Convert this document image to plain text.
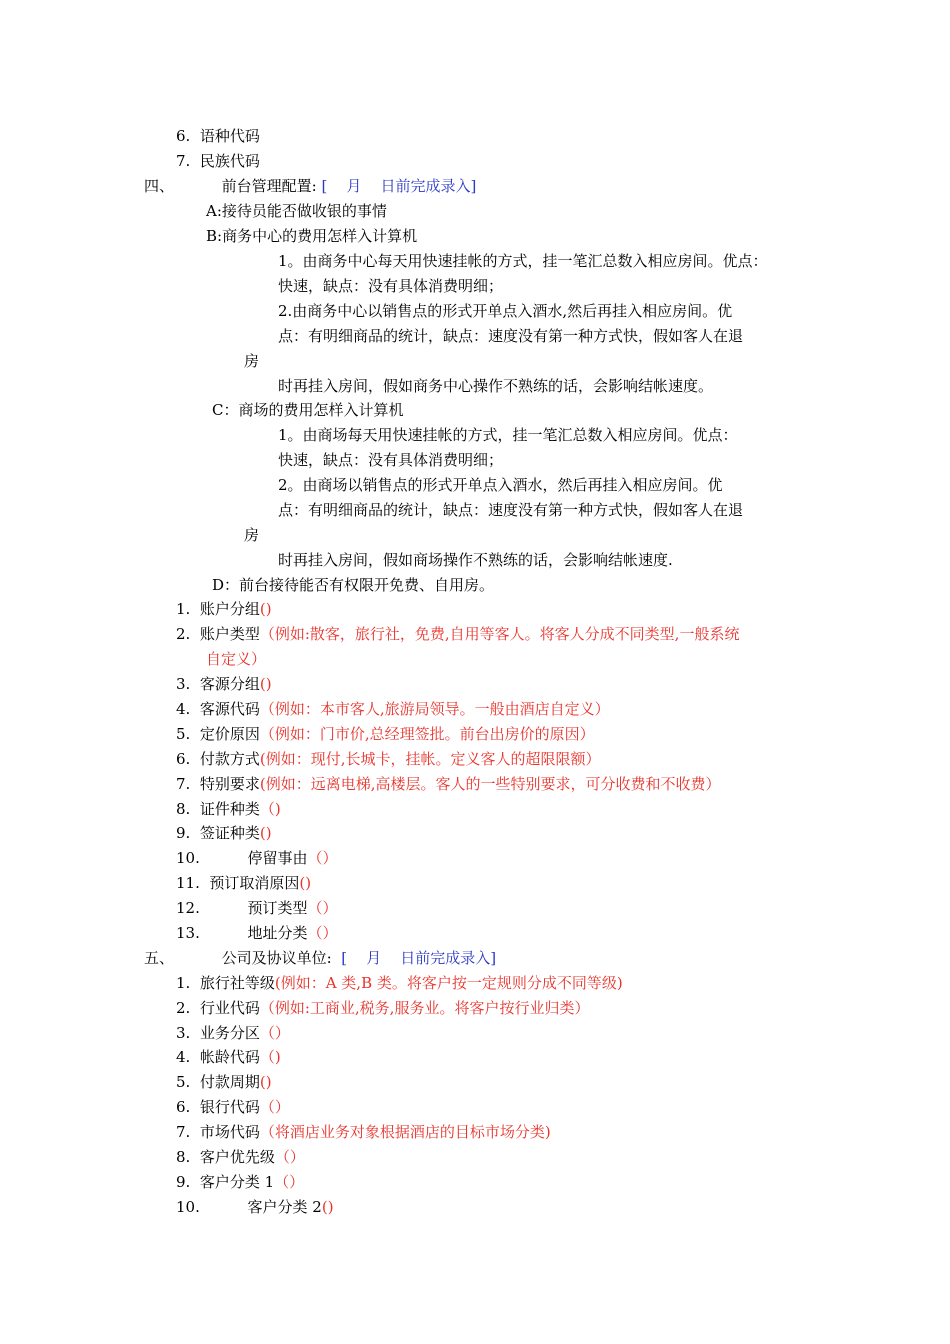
6.  语种代码
7.  民族代码
四、          前台管理配置: [    月    日前完成录入]
A:接待员能否做收银的事情
B:商务中心的费用怎样入计算机
1。由商务中心每天用快速挂帐的方式，挂一笔汇总数入相应房间。优点：
快速，缺点：没有具体消费明细；
2.由商务中心以销售点的形式开单点入酒水,然后再挂入相应房间。优
点：有明细商品的统计，缺点：速度没有第一种方式快，假如客人在退
房
时再挂入房间，假如商务中心操作不熟练的话，会影响结帐速度。
C：商场的费用怎样入计算机
1。由商场每天用快速挂帐的方式，挂一笔汇总数入相应房间。优点：
快速，缺点：没有具体消费明细；
2。由商场以销售点的形式开单点入酒水，然后再挂入相应房间。优
点：有明细商品的统计，缺点：速度没有第一种方式快，假如客人在退
房
时再挂入房间，假如商场操作不熟练的话，会影响结帐速度.
D：前台接待能否有权限开免费、自用房。
1.  账户分组()
2.  账户类型（例如:散客，旅行社，免费,自用等客人。将客人分成不同类型,一般系统
自定义）
3.  客源分组()
4.  客源代码（例如：本市客人,旅游局领导。一般由酒店自定义）
5.  定价原因（例如：门市价,总经理签批。前台出房价的原因）
6.  付款方式(例如：现付,长城卡，挂帐。定义客人的超限限额）
7.  特别要求(例如：远离电梯,高楼层。客人的一些特别要求，可分收费和不收费）
8.  证件种类（)
9.  签证种类()
10.          停留事由（）
11.  预订取消原因()
12.          预订类型（）
13.          地址分类（）
五、          公司及协议单位:  [    月    日前完成录入]
1.  旅行社等级(例如：A 类,B 类。将客户按一定规则分成不同等级)
2.  行业代码（例如:工商业,税务,服务业。将客户按行业归类）
3.  业务分区（）
4.  帐龄代码（)
5.  付款周期()
6.  银行代码（）
7.  市场代码（将酒店业务对象根据酒店的目标市场分类)
8.  客户优先级（）
9.  客户分类 1（）
10.          客户分类 2()
